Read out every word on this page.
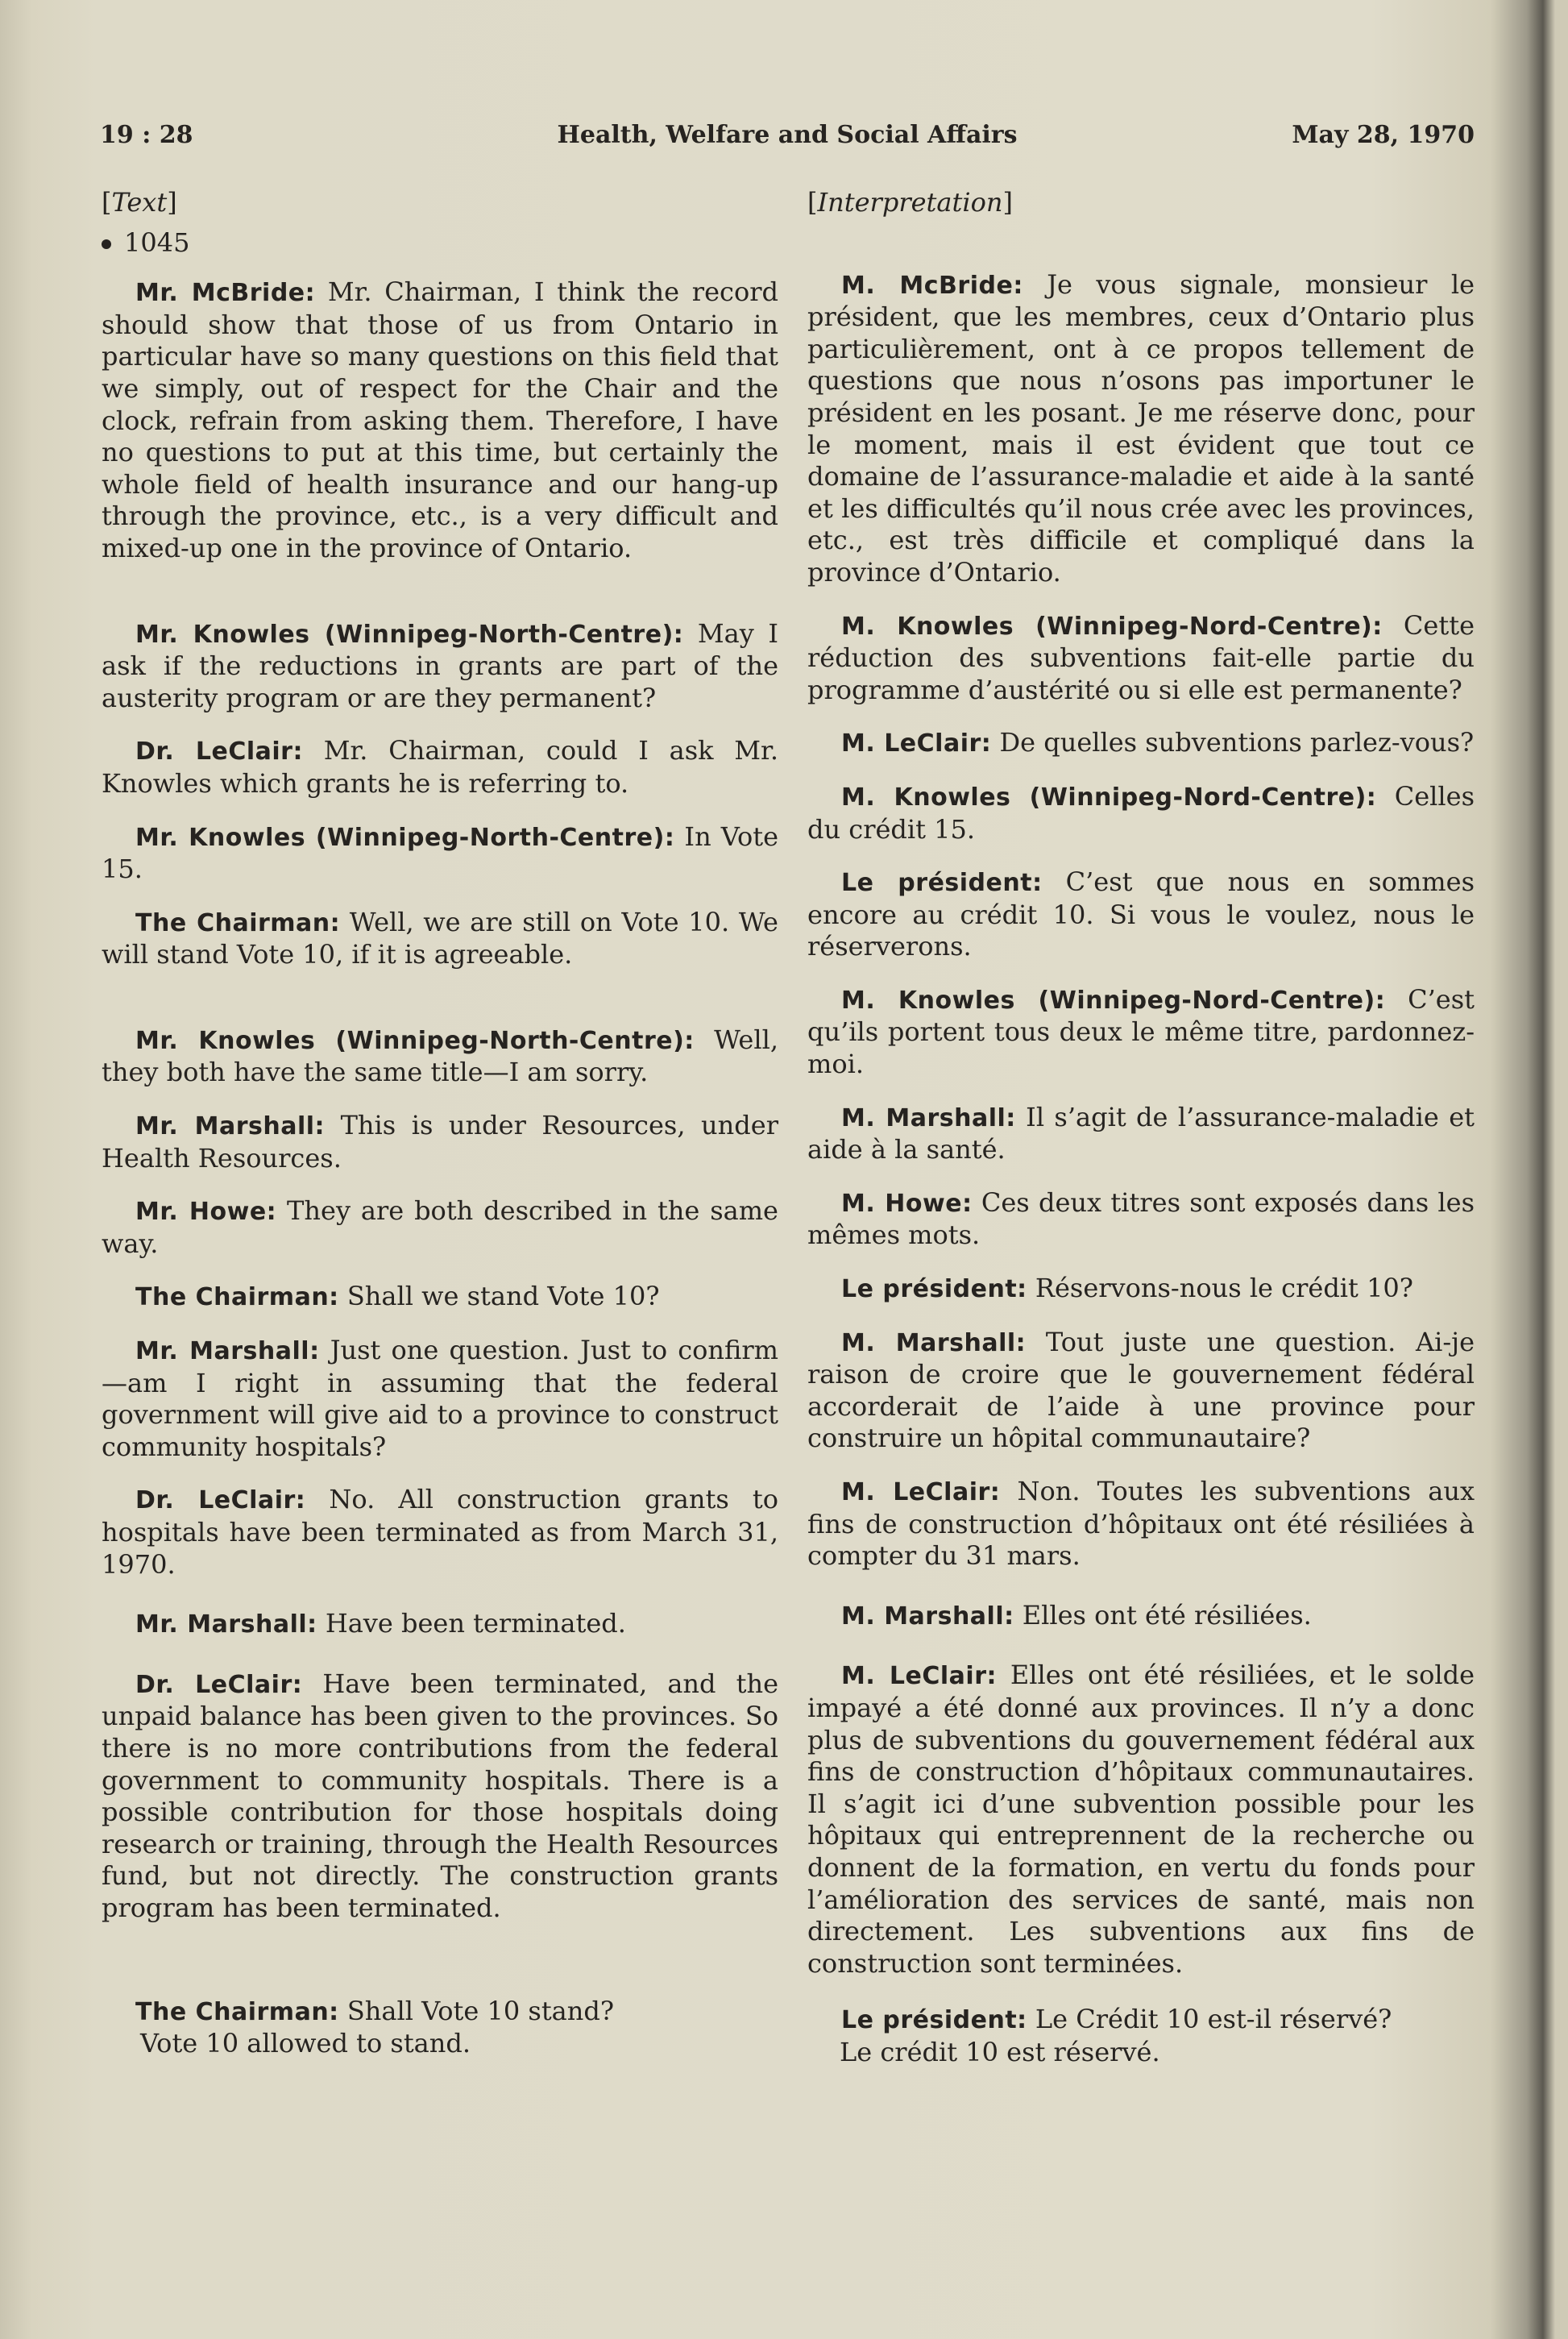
19 : 28	Health, Welfare and Social Affairs	May 28, 1970

[Text]

1045

Mr. McBride: Mr. Chairman, I think the record should show that those of us from Ontario in particular have so many questions on this field that we simply, out of respect for the Chair and the clock, refrain from asking them. Therefore, I have no questions to put at this time, but certainly the whole field of health insurance and our hang-up through the province, etc., is a very difficult and mixed-up one in the province of Ontario.

Mr. Knowles (Winnipeg-North-Centre): May I ask if the reductions in grants are part of the austerity program or are they permanent?

Dr. LeClair: Mr. Chairman, could I ask Mr. Knowles which grants he is referring to.

Mr. Knowles (Winnipeg-North-Centre): In Vote 15.

The Chairman: Well, we are still on Vote 10. We will stand Vote 10, if it is agreeable.

Mr. Knowles (Winnipeg-North-Centre): Well, they both have the same title—I am sorry.

Mr. Marshall: This is under Resources, under Health Resources.

Mr. Howe: They are both described in the same way.

The Chairman: Shall we stand Vote 10?

Mr. Marshall: Just one question. Just to confirm—am I right in assuming that the federal government will give aid to a province to construct community hospitals?

Dr. LeClair: No. All construction grants to hospitals have been terminated as from March 31, 1970.

Mr. Marshall: Have been terminated.

Dr. LeClair: Have been terminated, and the unpaid balance has been given to the provinces. So there is no more contributions from the federal government to community hospitals. There is a possible contribution for those hospitals doing research or training, through the Health Resources fund, but not directly. The construction grants program has been terminated.

The Chairman: Shall Vote 10 stand?

Vote 10 allowed to stand.

[Interpretation]

M. McBride: Je vous signale, monsieur le président, que les membres, ceux d’Ontario plus particulièrement, ont à ce propos tellement de questions que nous n’osons pas importuner le président en les posant. Je me réserve donc, pour le moment, mais il est évident que tout ce domaine de l’assurance-maladie et aide à la santé et les difficultés qu’il nous crée avec les provinces, etc., est très difficile et compliqué dans la province d’Ontario.

M. Knowles (Winnipeg-Nord-Centre): Cette réduction des subventions fait-elle partie du programme d’austérité ou si elle est permanente?

M. LeClair: De quelles subventions parlez-vous?

M. Knowles (Winnipeg-Nord-Centre): Celles du crédit 15.

Le président: C’est que nous en sommes encore au crédit 10. Si vous le voulez, nous le réserverons.

M. Knowles (Winnipeg-Nord-Centre): C’est qu’ils portent tous deux le même titre, pardonnez-moi.

M. Marshall: Il s’agit de l’assurance-maladie et aide à la santé.

M. Howe: Ces deux titres sont exposés dans les mêmes mots.

Le président: Réservons-nous le crédit 10?

M. Marshall: Tout juste une question. Ai-je raison de croire que le gouvernement fédéral accorderait de l’aide à une province pour construire un hôpital communautaire?

M. LeClair: Non. Toutes les subventions aux fins de construction d’hôpitaux ont été résiliées à compter du 31 mars.

M. Marshall: Elles ont été résiliées.

M. LeClair: Elles ont été résiliées, et le solde impayé a été donné aux provinces. Il n’y a donc plus de subventions du gouvernement fédéral aux fins de construction d’hôpitaux communautaires. Il s’agit ici d’une subvention possible pour les hôpitaux qui entreprennent de la recherche ou donnent de la formation, en vertu du fonds pour l’amélioration des services de santé, mais non directement. Les subventions aux fins de construction sont terminées.

Le président: Le Crédit 10 est-il réservé?

Le crédit 10 est réservé.
